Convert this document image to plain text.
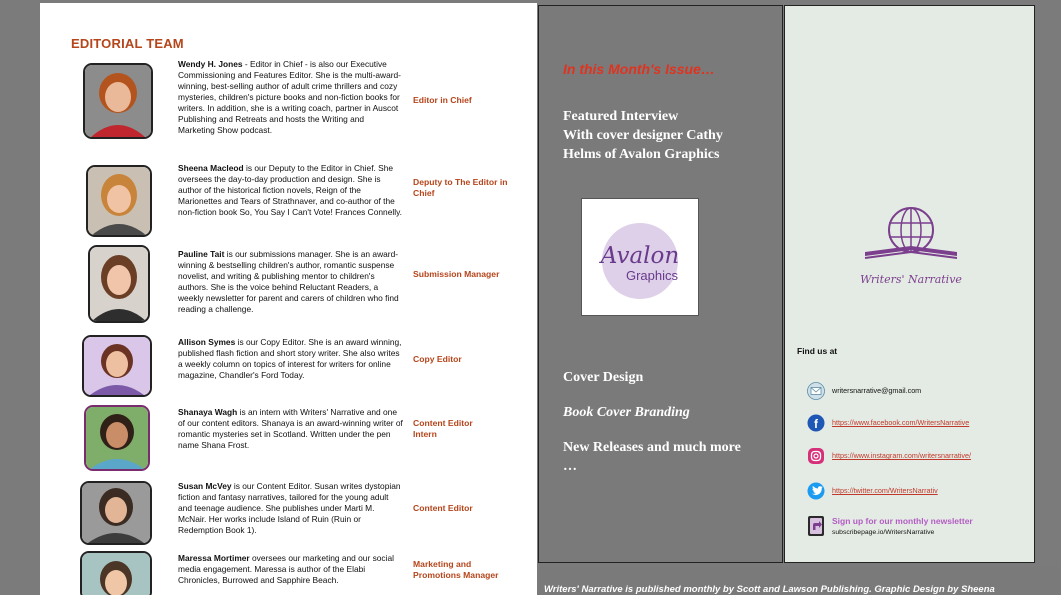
EDITORIAL TEAM
Wendy H. Jones - Editor in Chief - is also our Executive Commissioning and Features Editor. She is the multi-award-winning, best-selling author of adult crime thrillers and cozy mysteries, children's picture books and non-fiction books for writers. In addition, she is a writing coach, partner in Auscot Publishing and Retreats and hosts the Writing and Marketing Show podcast.
Editor in Chief
Sheena Macleod is our Deputy to the Editor in Chief. She oversees the day-to-day production and design. She is author of the historical fiction novels, Reign of the Marionettes and Tears of Strathnaver, and co-author of the non-fiction book So, You Say I Can't Vote! Frances Connelly.
Deputy to The Editor in Chief
Pauline Tait is our submissions manager. She is an award-winning & bestselling children's author, romantic suspense novelist, and writing & publishing mentor to children's authors. She is the voice behind Reluctant Readers, a weekly newsletter for parent and carers of children who find reading a challenge.
Submission Manager
Allison Symes is our Copy Editor. She is an award winning, published flash fiction and short story writer. She also writes a weekly column on topics of interest for writers for online magazine, Chandler's Ford Today.
Copy Editor
Shanaya Wagh is an intern with Writers' Narrative and one of our content editors. Shanaya is an award-winning writer of romantic mysteries set in Scotland. Written under the pen name Shana Frost.
Content Editor Intern
Susan McVey is our Content Editor. Susan writes dystopian fiction and fantasy narratives, tailored for the young adult and teenage audience. She publishes under Marti M. McNair. Her works include Island of Ruin (Ruin or Redemption Book 1).
Content Editor
Maressa Mortimer oversees our marketing and our social media engagement. Maressa is author of the Elabi Chronicles, Burrowed and Sapphire Beach.
Marketing and Promotions Manager
In this Month's Issue…
Featured Interview
With cover designer Cathy
Helms of Avalon Graphics
Avalon
Graphics
Cover Design
Book Cover Branding
New Releases and much more …
Writers' Narrative
Find us at
writersnarrative@gmail.com
f https://www.facebook.com/WritersNarrative
https://www.instagram.com/writersnarrative/
https://twitter.com/WritersNarrativ
Sign up for our monthly newsletter
subscribepage.io/WritersNarrative
Writers' Narrative is published monthly by Scott and Lawson Publishing. Graphic Design by Sheena
